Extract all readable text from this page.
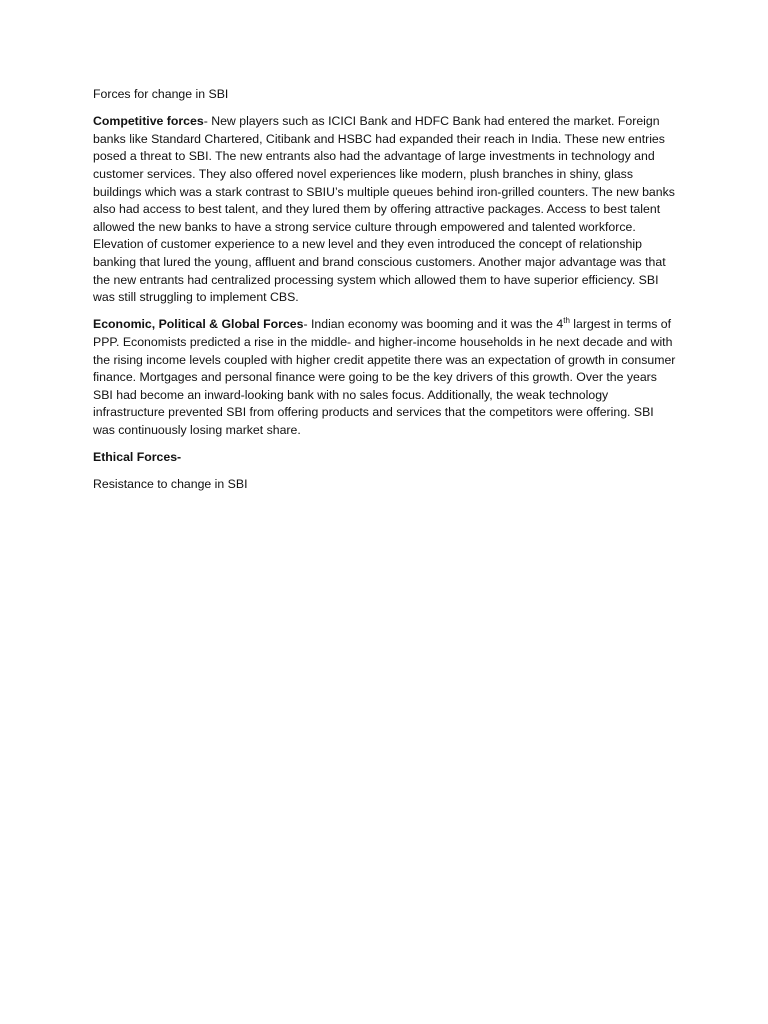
Forces for change in SBI

Competitive forces- New players such as ICICI Bank and HDFC Bank had entered the market. Foreign banks like Standard Chartered, Citibank and HSBC had expanded their reach in India. These new entries posed a threat to SBI. The new entrants also had the advantage of large investments in technology and customer services. They also offered novel experiences like modern, plush branches in shiny, glass buildings which was a stark contrast to SBIU’s multiple queues behind iron-grilled counters. The new banks also had access to best talent, and they lured them by offering attractive packages. Access to best talent allowed the new banks to have a strong service culture through empowered and talented workforce. Elevation of customer experience to a new level and they even introduced the concept of relationship banking that lured the young, affluent and brand conscious customers. Another major advantage was that the new entrants had centralized processing system which allowed them to have superior efficiency. SBI was still struggling to implement CBS.

Economic, Political & Global Forces- Indian economy was booming and it was the 4th largest in terms of PPP. Economists predicted a rise in the middle- and higher-income households in he next decade and with the rising income levels coupled with higher credit appetite there was an expectation of growth in consumer finance. Mortgages and personal finance were going to be the key drivers of this growth. Over the years SBI had become an inward-looking bank with no sales focus. Additionally, the weak technology infrastructure prevented SBI from offering products and services that the competitors were offering. SBI was continuously losing market share.

Ethical Forces-

Resistance to change in SBI
